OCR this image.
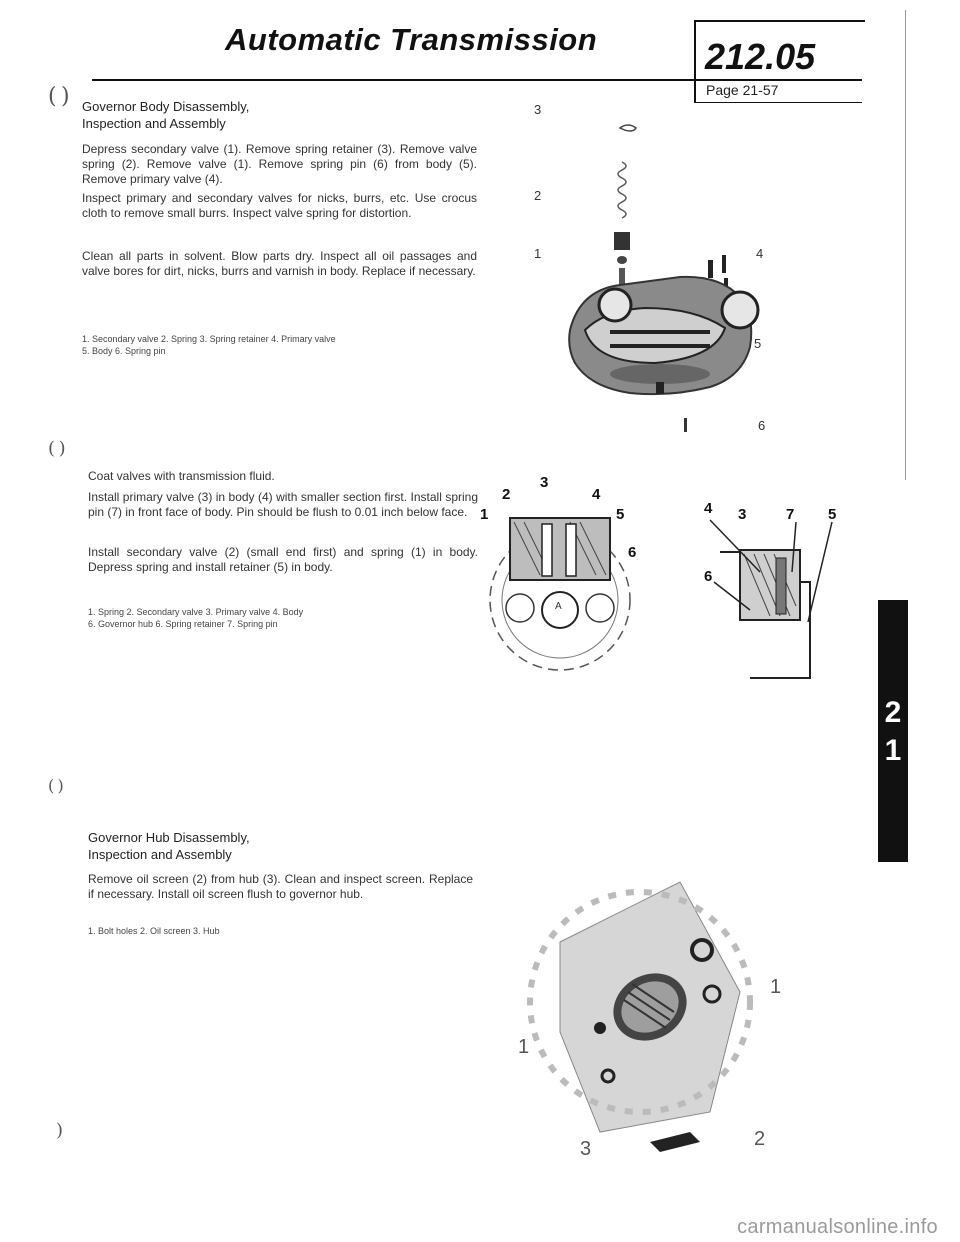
Automatic Transmission	212.05
Page 21-57
( )
( )
( )
)
Governor Body Disassembly,
Inspection and Assembly
Depress secondary valve (1). Remove spring retainer (3). Remove valve spring (2). Remove valve (1). Remove spring pin (6) from body (5). Remove primary valve (4).
Inspect primary and secondary valves for nicks, burrs, etc. Use crocus cloth to remove small burrs. Inspect valve spring for distortion.
Clean all parts in solvent. Blow parts dry. Inspect all oil passages and valve bores for dirt, nicks, burrs and varnish in body. Replace if necessary.
1. Secondary valve 2. Spring 3. Spring retainer 4. Primary valve
5. Body 6. Spring pin
3
2
1	4
5
6
Coat valves with transmission fluid.
Install primary valve (3) in body (4) with smaller section first. Install spring pin (7) in front face of body. Pin should be flush to 0.01 inch below face.
Install secondary valve (2) (small end first) and spring (1) in body. Depress spring and install retainer (5) in body.
1. Spring 2. Secondary valve 3. Primary valve 4. Body
6. Governor hub 6. Spring retainer 7. Spring pin
2
3
4
1	5
6
A
4 3	7 5
6
Governor Hub Disassembly,
Inspection and Assembly
Remove oil screen (2) from hub (3). Clean and inspect screen. Replace if necessary. Install oil screen flush to governor hub.
1. Bolt holes 2. Oil screen 3. Hub
1
1
2
3
2
1
carmanualsonline.info
